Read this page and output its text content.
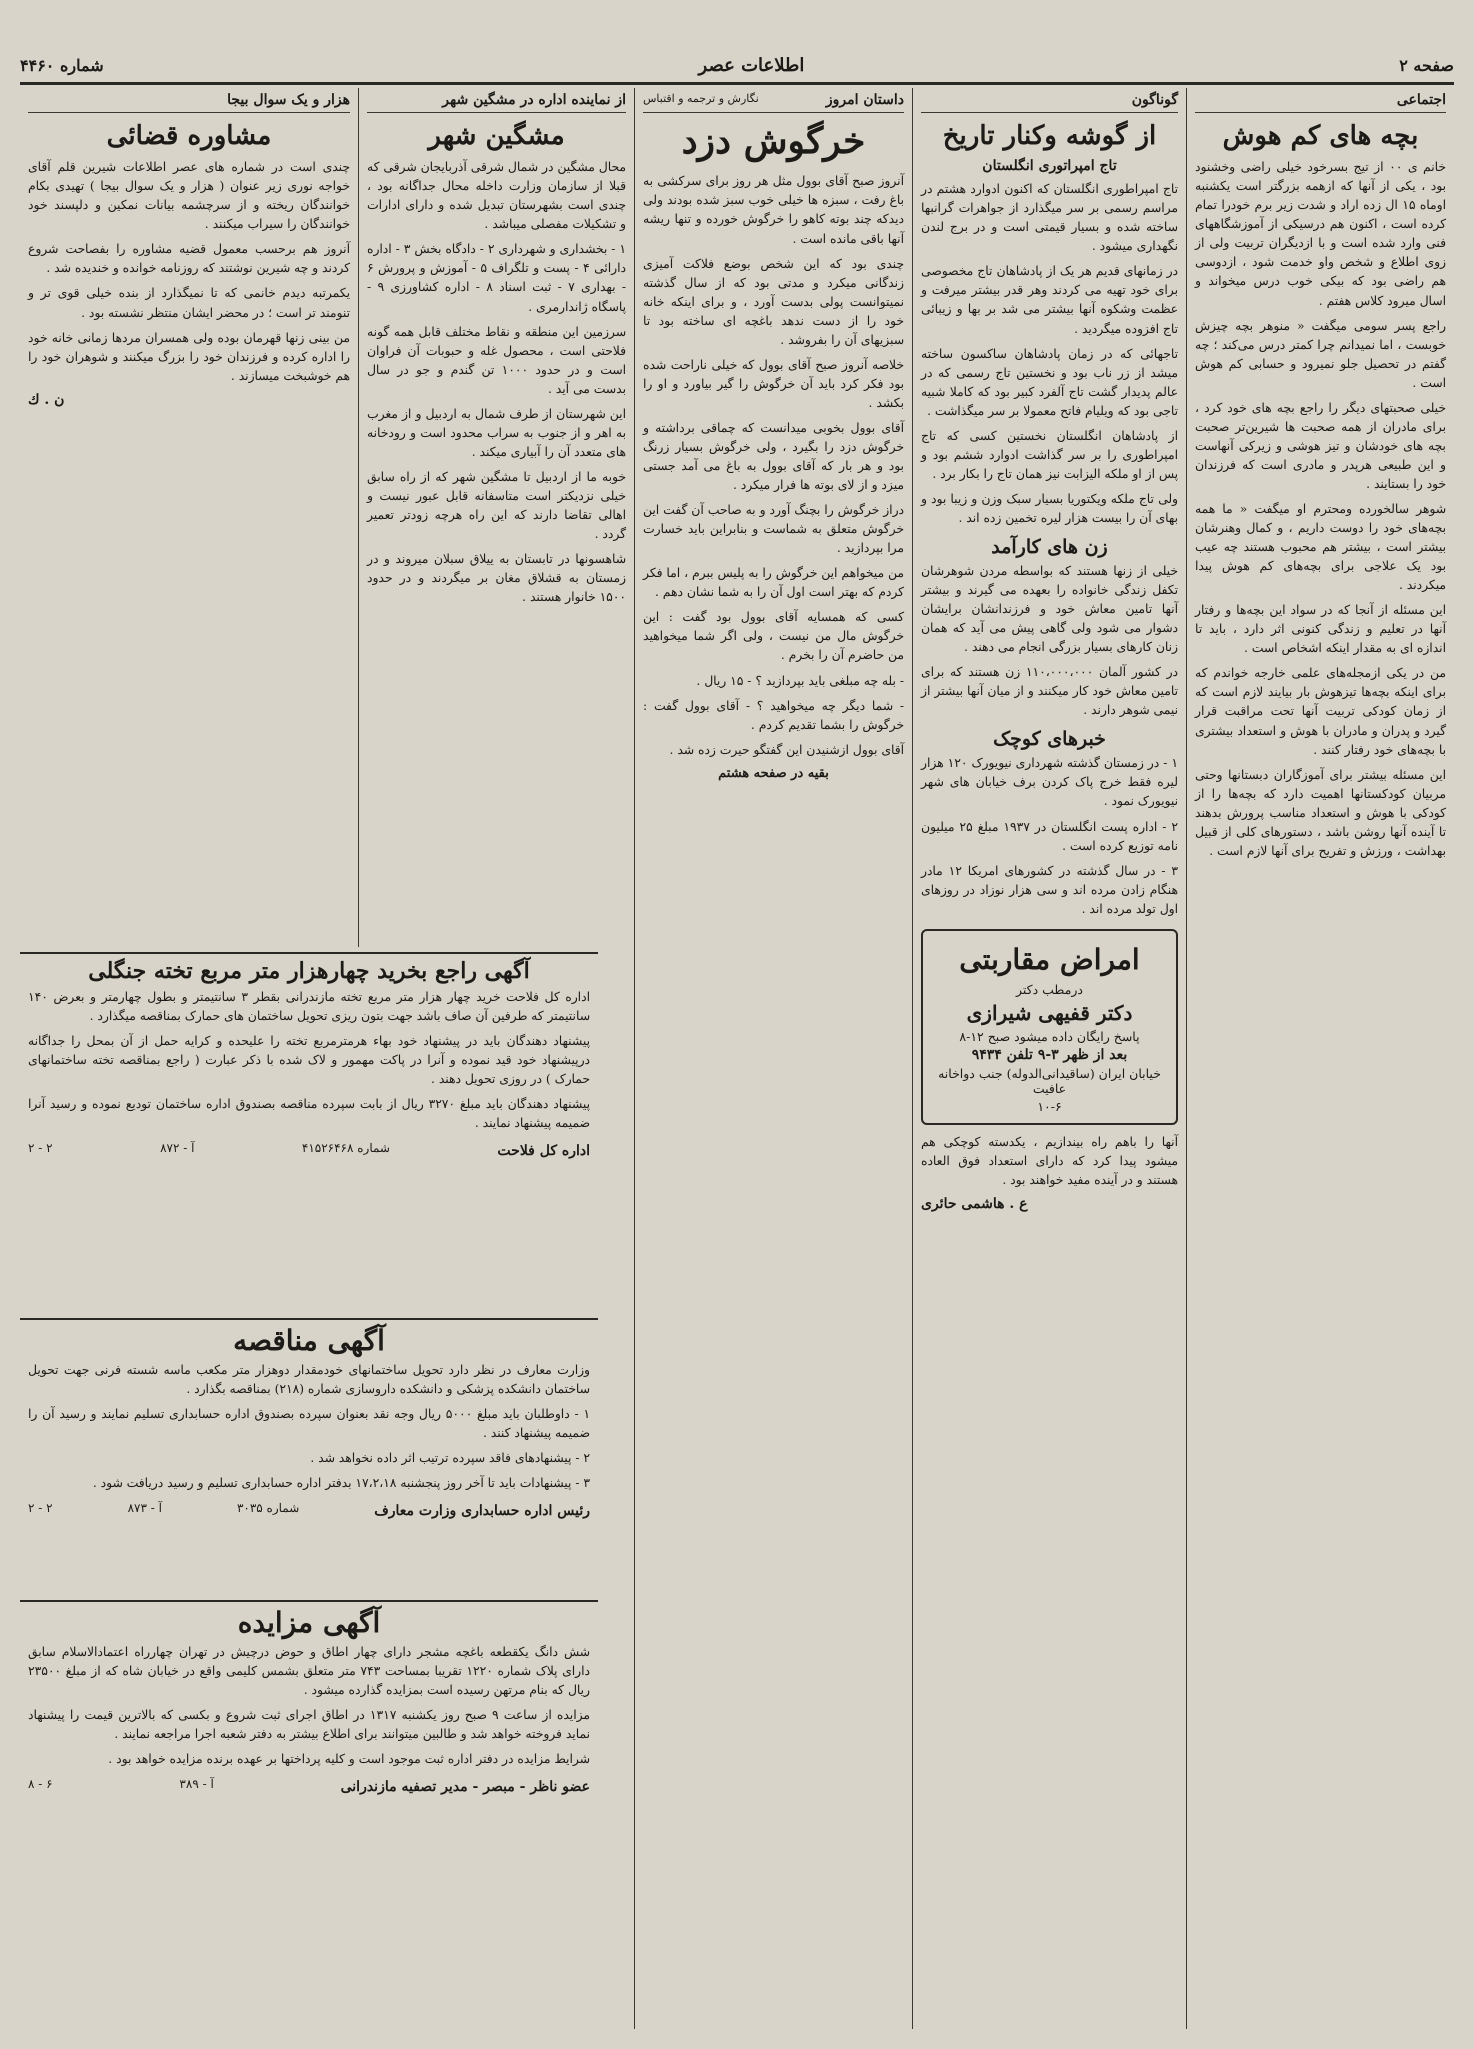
صفحه ۲
اطلاعات عصر
شماره ۴۴۶۰
اجتماعی
بچه های کم هوش

خانم ی ۰۰ از تیج بسرخود خیلی راضی وخشنود بود ، یکی از آنها که ازهمه بزرگتر است یکشنبه اوماه ۱۵ ال زده اراد و شدت زیر برم خودرا تمام کرده است ، اکنون هم درسیکی از آموزشگاههای فنی وارد شده است و با ازدیگران تربیت ولی از زوی اطلاع و شخص واو خدمت شود ، ازدوسی هم راضی بود که بیکی خوب درس میخواند و اسال میرود کلاس هفتم .

راجع پسر سومی میگفت « منوهر بچه چیزش خوبست ، اما نمیدانم چرا کمتر درس می‌کند ؛ چه گفتم در تحصیل جلو نمیرود و حسابی کم هوش است .

خیلی صحبتهای دیگر را راجع بچه های خود کرد ، برای مادران از همه صحبت ها شیرین‌تر صحبت بچه های خودشان و تیز هوشی و زیرکی آنهاست و این طبیعی هرپدر و مادری است که فرزندان خود را بستایند .

شوهر سالخورده ومحترم او میگفت « ما همه بچه‌های خود را دوست داریم ، و کمال وهنرشان بیشتر است ، بیشتر هم محبوب هستند چه عیب بود یک علاجی برای بچه‌های کم هوش پیدا میکردند .

این مسئله از آنجا که در سواد این بچه‌ها و رفتار آنها در تعلیم و زندگی کنونی اثر دارد ، باید تا اندازه ای به مقدار اینکه اشخاص است .

من در یکی ازمجله‌های علمی خارجه خواندم که برای اینکه بچه‌ها تیزهوش بار بیایند لازم است که از زمان کودکی تربیت آنها تحت مراقبت قرار گیرد و پدران و مادران با هوش و استعداد بیشتری با بچه‌های خود رفتار کنند .

این مسئله بیشتر برای آموزگاران دبستانها وحتی مربیان کودکستانها اهمیت دارد که بچه‌ها را از کودکی با هوش و استعداد مناسب پرورش بدهند تا آینده آنها روشن باشد ، دستورهای کلی از قبیل بهداشت ، ورزش و تفریح برای آنها لازم است .

گوناگون
از گوشه وکنار تاریخ
تاج امپراتوری انگلستان

تاج امپراطوری انگلستان که اکنون ادوارد هشتم در مراسم رسمی بر سر میگذارد از جواهرات گرانبها ساخته شده و بسیار قیمتی است و در برج لندن نگهداری میشود .

در زمانهای قدیم هر یک از پادشاهان تاج مخصوصی برای خود تهیه می کردند وهر قدر بیشتر میرفت و عظمت وشکوه آنها بیشتر می شد بر بها و زیبائی تاج افزوده میگردید .

تاجهائی که در زمان پادشاهان ساکسون ساخته میشد از زر ناب بود و نخستین تاج رسمی که در عالم پدیدار گشت تاج آلفرد کبیر بود که کاملا شبیه تاجی بود که ویلیام فاتح معمولا بر سر میگذاشت .

از پادشاهان انگلستان نخستین کسی که تاج امپراطوری را بر سر گذاشت ادوارد ششم بود و پس از او ملکه الیزابت نیز همان تاج را بکار برد .

ولی تاج ملکه ویکتوریا بسیار سبک وزن و زیبا بود و بهای آن را بیست هزار لیره تخمین زده اند .

زن های کارآمد

خیلی از زنها هستند که بواسطه مردن شوهرشان تکفل زندگی خانواده را بعهده می گیرند و بیشتر آنها تامین معاش خود و فرزندانشان برایشان دشوار می شود ولی گاهی پیش می آید که همان زنان کارهای بسیار بزرگی انجام می دهند .

در کشور آلمان ۱۱۰،۰۰۰،۰۰۰ زن هستند که برای تامین معاش خود کار میکنند و از میان آنها بیشتر از نیمی شوهر دارند .

خبرهای کوچک

۱ - در زمستان گذشته شهرداری نیویورک ۱۲۰ هزار لیره فقط خرج پاک کردن برف خیابان های شهر نیویورک نمود .

۲ - اداره پست انگلستان در ۱۹۳۷ مبلغ ۲۵ میلیون نامه توزیع کرده است .

۳ - در سال گذشته در کشورهای امریکا ۱۲ مادر هنگام زادن مرده اند و سی هزار نوزاد در روزهای اول تولد مرده اند .

امراض مقاربتی
درمطب دکتر
دکتر قفیهی شیرازی
پاسخ رایگان داده میشود صبح ۱۲-۸
بعد از ظهر ۳-۹ تلفن ۹۴۳۴
خیابان ایران (ساقیدانی‌الدوله) جنب دواخانه عافیت
۱۰-۶

آنها را باهم راه بیندازیم ، یکدسته کوچکی هم میشود پیدا کرد که دارای استعداد فوق العاده هستند و در آینده مفید خواهند بود .

ع . هاشمی حائری
داستان امروز
نگارش و ترجمه و اقتباس
خرگوش دزد

آنروز صبح آقای بوول مثل هر روز برای سرکشی به باغ رفت ، سبزه ها خیلی خوب سبز شده بودند ولی دیدکه چند بوته کاهو را خرگوش خورده و تنها ریشه آنها باقی مانده است .

چندی بود که این شخص بوضع فلاکت آمیزی زندگانی میکرد و مدتی بود که از سال گذشته نمیتوانست پولی بدست آورد ، و برای اینکه خانه خود را از دست ندهد باغچه ای ساخته بود تا سبزیهای آن را بفروشد .

خلاصه آنروز صبح آقای بوول که خیلی ناراحت شده بود فکر کرد باید آن خرگوش را گیر بیاورد و او را بکشد .

آقای بوول بخوبی میدانست که چماقی برداشته و خرگوش دزد را بگیرد ، ولی خرگوش بسیار زرنگ بود و هر بار که آقای بوول به باغ می آمد جستی میزد و از لای بوته ها فرار میکرد .

دراز خرگوش را بچنگ آورد و به صاحب آن گفت این خرگوش متعلق به شماست و بنابراین باید خسارت مرا بپردازید .

من میخواهم این خرگوش را به پلیس ببرم ، اما فکر کردم که بهتر است اول آن را به شما نشان دهم .

کسی که همسایه آقای بوول بود گفت : این خرگوش مال من نیست ، ولی اگر شما میخواهید من حاضرم آن را بخرم .

- بله چه مبلغی باید بپردازید ؟ - ۱۵ ریال .

- شما دیگر چه میخواهید ؟ - آقای بوول گفت : خرگوش را بشما تقدیم کردم .

آقای بوول ازشنیدن این گفتگو حیرت زده شد .

بقیه در صفحه هشتم
از نماینده اداره در مشگین شهر
مشگین شهر

محال مشگین در شمال شرقی آذربایجان شرقی که قبلا از سازمان وزارت داخله محال جداگانه بود ، چندی است بشهرستان تبدیل شده و دارای ادارات و تشکیلات مفصلی میباشد .

۱ - بخشداری و شهرداری ۲ - دادگاه بخش ۳ - اداره دارائی ۴ - پست و تلگراف ۵ - آموزش و پرورش ۶ - بهداری ۷ - ثبت اسناد ۸ - اداره کشاورزی ۹ - پاسگاه ژاندارمری .

سرزمین این منطقه و نقاط مختلف قابل همه گونه فلاحتی است ، محصول غله و حبوبات آن فراوان است و در حدود ۱۰۰۰ تن گندم و جو در سال بدست می آید .

این شهرستان از طرف شمال به اردبیل و از مغرب به اهر و از جنوب به سراب محدود است و رودخانه های متعدد آن را آبیاری میکند .

خوبه ما از اردبیل تا مشگین شهر که از راه سابق خیلی نزدیکتر است متاسفانه قابل عبور نیست و اهالی تقاضا دارند که این راه هرچه زودتر تعمیر گردد .

شاهسونها در تابستان به ییلاق سبلان میروند و در زمستان به قشلاق مغان بر میگردند و در حدود ۱۵۰۰ خانوار هستند .

هزار و یک سوال بیجا
مشاوره قضائی

چندی است در شماره های عصر اطلاعات شیرین قلم آقای خواجه نوری زیر عنوان ( هزار و یک سوال بیجا ) تهیدی بکام خوانندگان ریخته و از سرچشمه بیانات نمکین و دلپسند خود خوانندگان را سیراب میکنند .

آنروز هم برحسب معمول قضیه مشاوره را بفصاحت شروع کردند و چه شیرین نوشتند که روزنامه خوانده و خندیده شد .

یکمرتبه دیدم خانمی که تا نمیگذارد از بنده خیلی قوی تر و تنومند تر است ؛ در محضر ایشان منتظر نشسته بود .

من بینی زنها قهرمان بوده ولی همسران مردها زمانی خانه خود را اداره کرده و فرزندان خود را بزرگ میکنند و شوهران خود را هم خوشبخت میسازند .

ن . ك
آگهی راجع بخرید چهارهزار متر مربع تخته جنگلی

اداره کل فلاحت خرید چهار هزار متر مربع تخته مازندرانی بقطر ۳ سانتیمتر و بطول چهارمتر و بعرض ۱۴۰ سانتیمتر که طرفین آن صاف باشد جهت بتون ریزی تحویل ساختمان های حمارک بمناقصه میگذارد .

پیشنهاد دهندگان باید در پیشنهاد خود بهاء هرمترمربع تخته را علیحده و کرایه حمل از آن بمحل را جداگانه درپیشنهاد خود قید نموده و آنرا در پاکت مهمور و لاک شده با ذکر عبارت ( راجع بمناقصه تخته ساختمانهای حمارک ) در روزی تحویل دهند .

پیشنهاد دهندگان باید مبلغ ۳۲۷۰ ریال از بابت سپرده مناقصه بصندوق اداره ساختمان تودیع نموده و رسید آنرا ضمیمه پیشنهاد نمایند .

اداره کل فلاحت
شماره ۴۱۵۲۶۴۶۸
آ - ۸۷۲
۲ - ۲
آگهی مناقصه

وزارت معارف در نظر دارد تحویل ساختمانهای خودمقدار دوهزار متر مکعب ماسه شسته فرنی جهت تحویل ساختمان دانشکده پزشکی و دانشکده داروسازی شماره (۲۱۸) بمناقصه بگذارد .

۱ - داوطلبان باید مبلغ ۵۰۰۰ ریال وجه نقد بعنوان سپرده بصندوق اداره حسابداری تسلیم نمایند و رسید آن را ضمیمه پیشنهاد کنند .

۲ - پیشنهادهای فاقد سپرده ترتیب اثر داده نخواهد شد .

۳ - پیشنهادات باید تا آخر روز پنجشنبه ۱۷،۲،۱۸ بدفتر اداره حسابداری تسلیم و رسید دریافت شود .

رئیس اداره حسابداری وزارت معارف
شماره ۳۰۳۵
آ - ۸۷۳
۲ - ۲
آگهی مزایده

شش دانگ یکقطعه باغچه مشجر دارای چهار اطاق و حوض درچیش در تهران چهارراه اعتمادالاسلام سابق دارای پلاک شماره ۱۲۲۰ تقریبا بمساحت ۷۴۳ متر متعلق بشمس کلیمی واقع در خیابان شاه که از مبلغ ۲۳۵۰۰ ریال که بنام مرتهن رسیده است بمزایده گذارده میشود .

مزایده از ساعت ۹ صبح روز یکشنبه ۱۳۱۷ در اطاق اجرای ثبت شروع و بکسی که بالاترین قیمت را پیشنهاد نماید فروخته خواهد شد و طالبین میتوانند برای اطلاع بیشتر به دفتر شعبه اجرا مراجعه نمایند .

شرایط مزایده در دفتر اداره ثبت موجود است و کلیه پرداختها بر عهده برنده مزایده خواهد بود .

عضو ناظر - مبصر - مدیر تصفیه مازندرانی
آ - ۳۸۹
۶ - ۸
